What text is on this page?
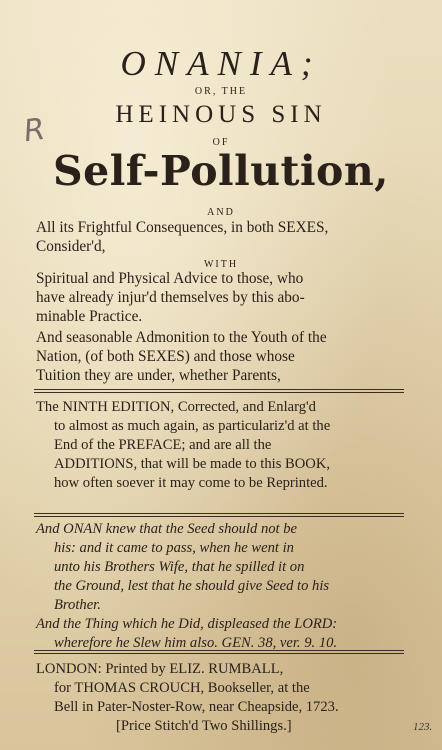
R
ONANIA;
OR, THE
HEINOUS SIN
OF
Self-Pollution,
AND
All its Frightful Consequences, in both SEXES,
Consider'd,
WITH
Spiritual and Physical Advice to those, who
have already injur'd themselves by this abo-
minable Practice.
And seasonable Admonition to the Youth of the
Nation, (of both SEXES) and those whose
Tuition they are under, whether Parents,
The NINTH EDITION, Corrected, and Enlarg'd
to almost as much again, as particulariz'd at the
End of the PREFACE; and are all the
ADDITIONS, that will be made to this BOOK,
how often soever it may come to be Reprinted.
And ONAN knew that the Seed should not be
his: and it came to pass, when he went in
unto his Brothers Wife, that he spilled it on
the Ground, lest that he should give Seed to his
Brother.
And the Thing which he Did, displeased the LORD:
wherefore he Slew him also. GEN. 38, ver. 9. 10.
LONDON: Printed by ELIZ. RUMBALL,
for THOMAS CROUCH, Bookseller, at the
Bell in Pater-Noster-Row, near Cheapside, 1723.
[Price Stitch'd Two Shillings.]	123.
